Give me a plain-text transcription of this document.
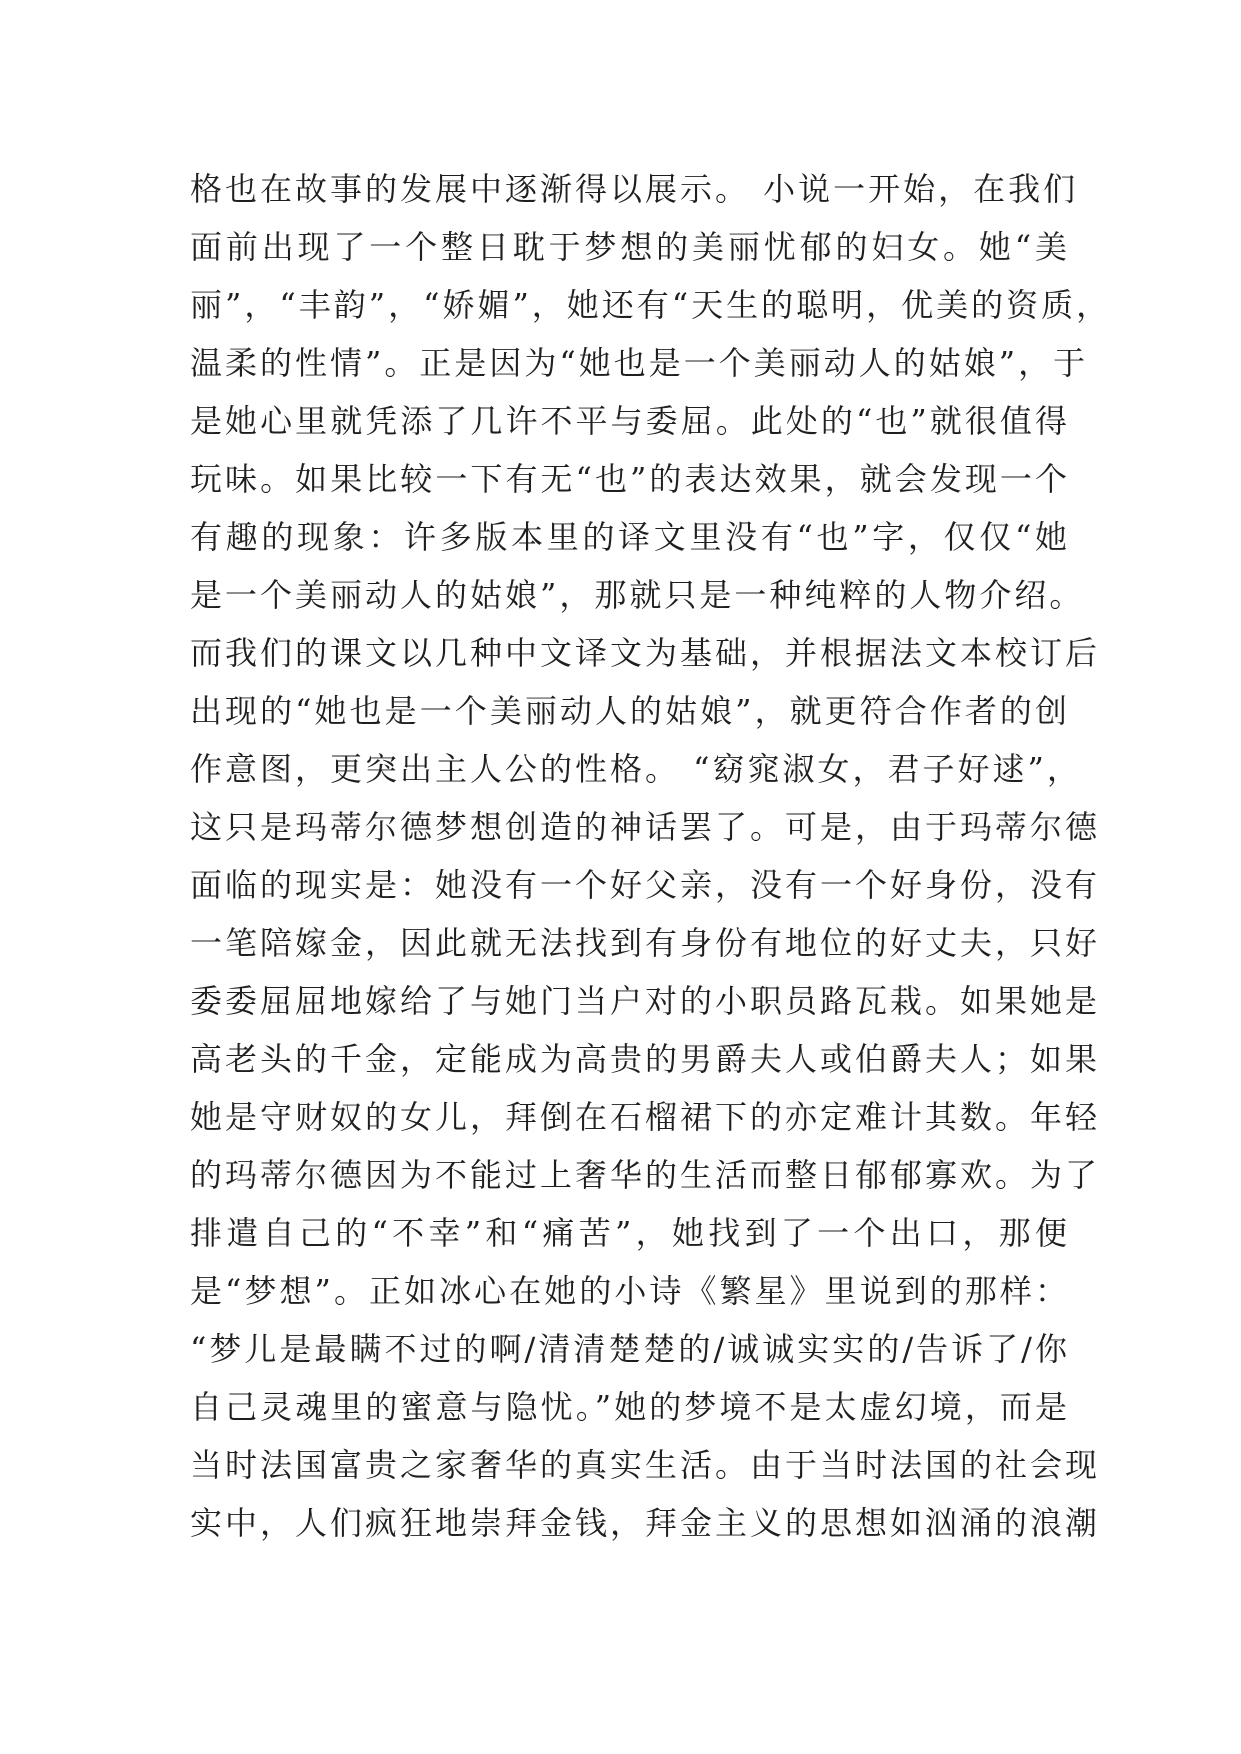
格也在故事的发展中逐渐得以展示。 小说一开始，在我们
面前出现了一个整日耽于梦想的美丽忧郁的妇女。她“美
丽”，“丰韵”，“娇媚”，她还有“天生的聪明，优美的资质，
温柔的性情”。正是因为“她也是一个美丽动人的姑娘”，于
是她心里就凭添了几许不平与委屈。此处的“也”就很值得
玩味。如果比较一下有无“也”的表达效果，就会发现一个
有趣的现象：许多版本里的译文里没有“也”字，仅仅“她
是一个美丽动人的姑娘”，那就只是一种纯粹的人物介绍。
而我们的课文以几种中文译文为基础，并根据法文本校订后
出现的“她也是一个美丽动人的姑娘”，就更符合作者的创
作意图，更突出主人公的性格。 “窈窕淑女，君子好逑”，
这只是玛蒂尔德梦想创造的神话罢了。可是，由于玛蒂尔德
面临的现实是：她没有一个好父亲，没有一个好身份，没有
一笔陪嫁金，因此就无法找到有身份有地位的好丈夫，只好
委委屈屈地嫁给了与她门当户对的小职员路瓦栽。如果她是
高老头的千金，定能成为高贵的男爵夫人或伯爵夫人；如果
她是守财奴的女儿，拜倒在石榴裙下的亦定难计其数。年轻
的玛蒂尔德因为不能过上奢华的生活而整日郁郁寡欢。为了
排遣自己的“不幸”和“痛苦”，她找到了一个出口，那便
是“梦想”。正如冰心在她的小诗《繁星》里说到的那样：
“梦儿是最瞒不过的啊/清清楚楚的/诚诚实实的/告诉了/你
自己灵魂里的蜜意与隐忧。”她的梦境不是太虚幻境，而是
当时法国富贵之家奢华的真实生活。由于当时法国的社会现
实中，人们疯狂地崇拜金钱，拜金主义的思想如汹涌的浪潮
